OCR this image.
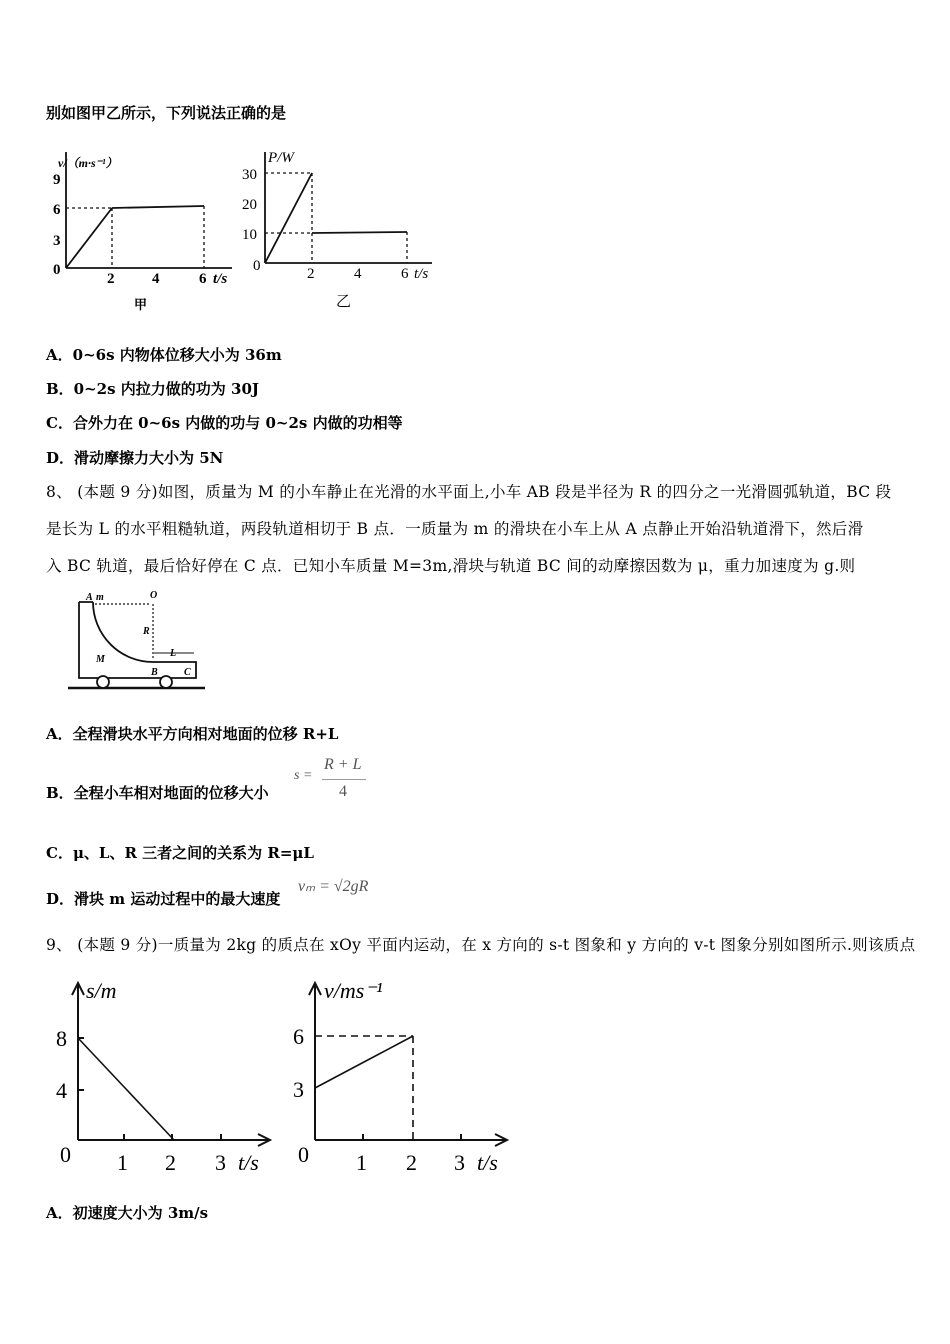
别如图甲乙所示，下列说法正确的是
v/（m·s⁻¹）
9
6
3
0
2	4	6 t/s
甲
P/W
30
20
10
0	2	4	6 t/s
乙
A．0~6s 内物体位移大小为 36m
B．0~2s 内拉力做的功为 30J
C．合外力在 0~6s 内做的功与 0~2s 内做的功相等
D．滑动摩擦力大小为 5N
8、 (本题 9 分)如图，质量为 M 的小车静止在光滑的水平面上,小车 AB 段是半径为 R 的四分之一光滑圆弧轨道，BC 段
是长为 L 的水平粗糙轨道，两段轨道相切于 B 点．一质量为 m 的滑块在小车上从 A 点静止开始沿轨道滑下，然后滑
入 BC 轨道，最后恰好停在 C 点．已知小车质量 M=3m,滑块与轨道 BC 间的动摩擦因数为 μ，重力加速度为 g.则
A m	O
R
M
L
B	C
A．全程滑块水平方向相对地面的位移 R+L
B．全程小车相对地面的位移大小
s =
R + L
4
C．μ、L、R 三者之间的关系为 R=μL
D．滑块 m 运动过程中的最大速度
vₘ = √2gR
9、 (本题 9 分)一质量为 2kg 的质点在 xOy 平面内运动，在 x 方向的 s-t 图象和 y 方向的 v-t 图象分别如图所示.则该质点
s/m
8
4
0 1 2 3 t/s
v/ms⁻¹
6
3
0 1 2 3 t/s
A．初速度大小为 3m/s
